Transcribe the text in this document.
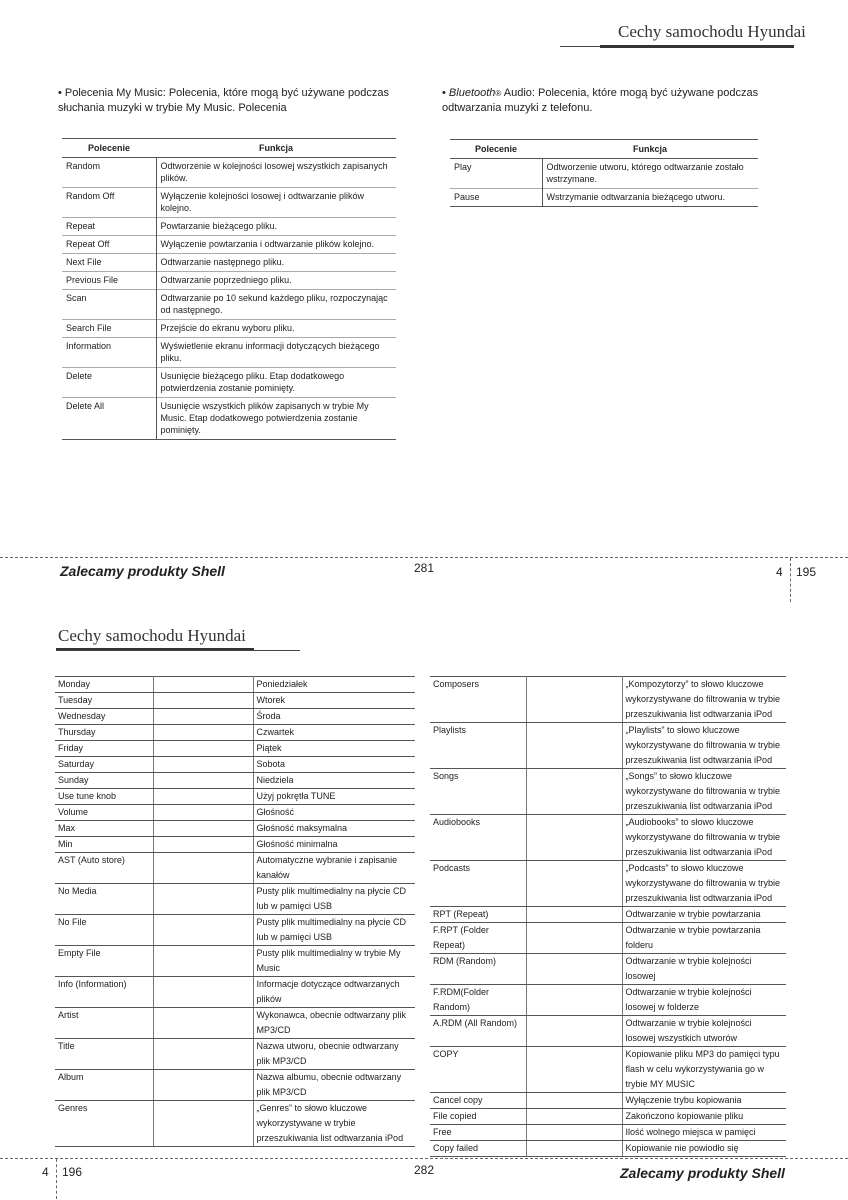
Cechy samochodu Hyundai
• Polecenia My Music: Polecenia, które mogą być używane podczas słuchania muzyki w trybie My Music. Polecenia
Polecenie	Funkcja
Random	Odtworzenie w kolejności losowej wszystkich zapisanych plików.
Random Off	Wyłączenie kolejności losowej i odtwarzanie plików kolejno.
Repeat	Powtarzanie bieżącego pliku.
Repeat Off	Wyłączenie powtarzania i odtwarzanie plików kolejno.
Next File	Odtwarzanie następnego pliku.
Previous File	Odtwarzanie poprzedniego pliku.
Scan	Odtwarzanie po 10 sekund każdego pliku, rozpoczynając od następnego.
Search File	Przejście do ekranu wyboru pliku.
Information	Wyświetlenie ekranu informacji dotyczących bieżącego pliku.
Delete	Usunięcie bieżącego pliku. Etap dodatkowego potwierdzenia zostanie pominięty.
Delete All	Usunięcie wszystkich plików zapisanych w trybie My Music. Etap dodatkowego potwierdzenia zostanie pominięty.
• Bluetooth® Audio: Polecenia, które mogą być używane podczas odtwarzania muzyki z telefonu.
Polecenie	Funkcja
Play	Odtworzenie utworu, którego odtwarzanie zostało wstrzymane.
Pause	Wstrzymanie odtwarzania bieżącego utworu.
Zalecamy produkty Shell	281	4 195
Cechy samochodu Hyundai
Monday		Poniedziałek
Tuesday		Wtorek
Wednesday		Środa
Thursday		Czwartek
Friday		Piątek
Saturday		Sobota
Sunday		Niedziela
Use tune knob		Użyj pokrętła TUNE
Volume		Głośność
Max		Głośność maksymalna
Min		Głośność minimalna
AST (Auto store)		Automatyczne wybranie i zapisanie kanałów
No Media		Pusty plik multimedialny na płycie CD lub w pamięci USB
No File		Pusty plik multimedialny na płycie CD lub w pamięci USB
Empty File		Pusty plik multimedialny w trybie My Music
Info (Information)		Informacje dotyczące odtwarzanych plików
Artist		Wykonawca, obecnie odtwarzany plik MP3/CD
Title		Nazwa utworu, obecnie odtwarzany plik MP3/CD
Album		Nazwa albumu, obecnie odtwarzany plik MP3/CD
Genres		„Genres” to słowo kluczowe wykorzystywane w trybie przeszukiwania list odtwarzania iPod
Composers		„Kompozytorzy” to słowo kluczowe wykorzystywane do filtrowania w trybie przeszukiwania list odtwarzania iPod
Playlists		„Playlists” to słowo kluczowe wykorzystywane do filtrowania w trybie przeszukiwania list odtwarzania iPod
Songs		„Songs” to słowo kluczowe wykorzystywane do filtrowania w trybie przeszukiwania list odtwarzania iPod
Audiobooks		„Audiobooks” to słowo kluczowe wykorzystywane do filtrowania w trybie przeszukiwania list odtwarzania iPod
Podcasts		„Podcasts” to słowo kluczowe wykorzystywane do filtrowania w trybie przeszukiwania list odtwarzania iPod
RPT (Repeat)		Odtwarzanie w trybie powtarzania
F.RPT (Folder Repeat)		Odtwarzanie w trybie powtarzania folderu
RDM (Random)		Odtwarzanie w trybie kolejności losowej
F.RDM(Folder Random)		Odtwarzanie w trybie kolejności losowej w folderze
A.RDM (All Random)		Odtwarzanie w trybie kolejności losowej wszystkich utworów
COPY		Kopiowanie pliku MP3 do pamięci typu flash w celu wykorzystywania go w trybie MY MUSIC
Cancel copy		Wyłączenie trybu kopiowania
File copied		Zakończono kopiowanie pliku
Free		Ilość wolnego miejsca w pamięci
Copy failed		Kopiowanie nie powiodło się
4 196	282	Zalecamy produkty Shell
